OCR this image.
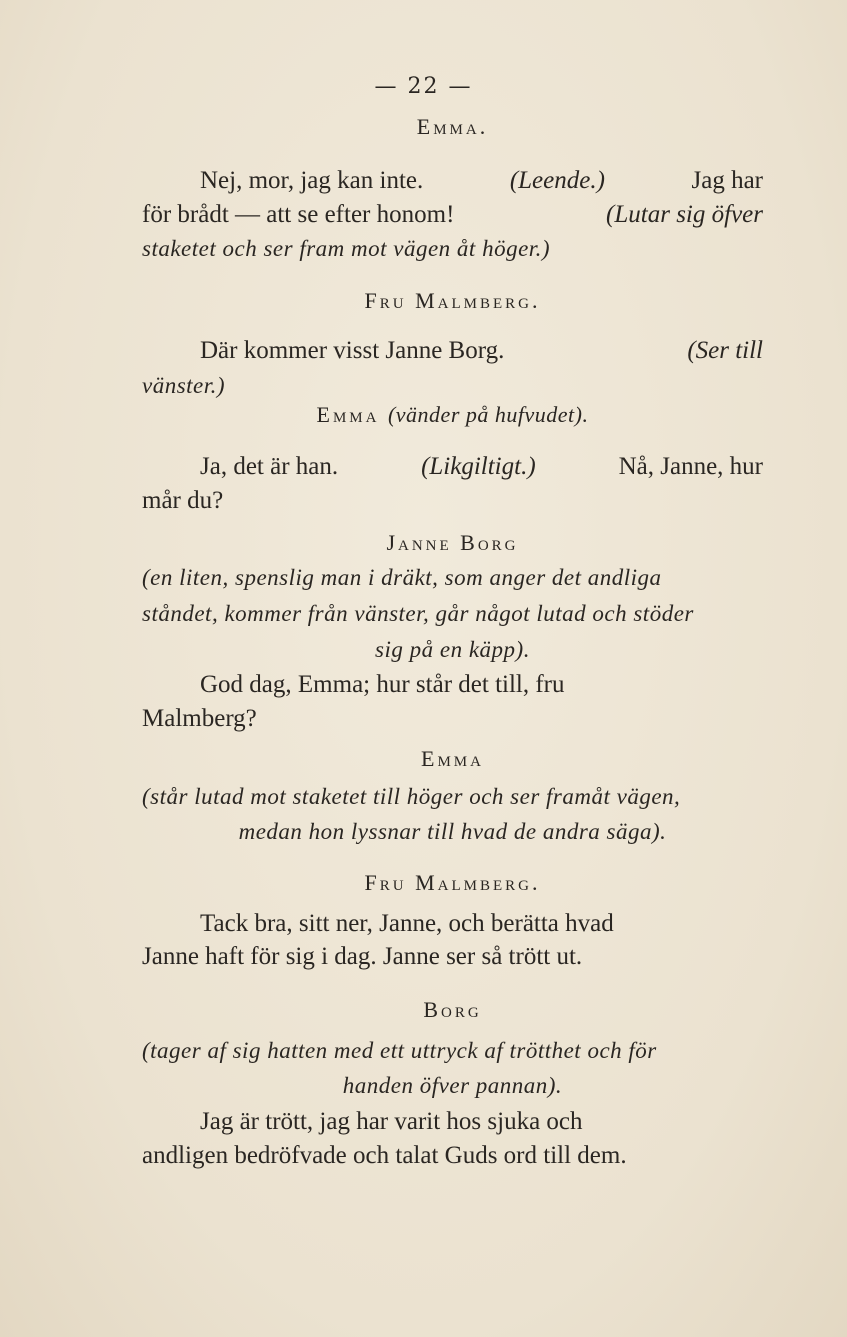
— 22 —
Emma.
Nej, mor, jag kan inte.	(Leende.)	Jag har
för brådt — att se efter honom!	(Lutar sig öfver
staketet och ser fram mot vägen åt höger.)
Fru Malmberg.
Där kommer visst Janne Borg.	(Ser till
vänster.)
Emma (vänder på hufvudet).
Ja, det är han.	(Likgiltigt.)	Nå, Janne, hur
mår du?
Janne Borg
(en liten, spenslig man i dräkt, som anger det andliga
ståndet, kommer från vänster, går något lutad och stöder
sig på en käpp).
God dag, Emma; hur står det till, fru
Malmberg?
Emma
(står lutad mot staketet till höger och ser framåt vägen,
medan hon lyssnar till hvad de andra säga).
Fru Malmberg.
Tack bra, sitt ner, Janne, och berätta hvad
Janne haft för sig i dag. Janne ser så trött ut.
Borg
(tager af sig hatten med ett uttryck af trötthet och för
handen öfver pannan).
Jag är trött, jag har varit hos sjuka och
andligen bedröfvade och talat Guds ord till dem.
